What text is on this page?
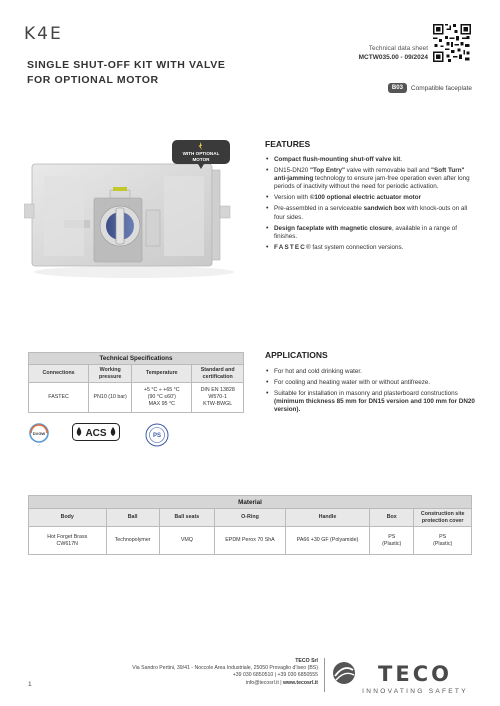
K4E
SINGLE SHUT-OFF KIT WITH VALVE
FOR OPTIONAL MOTOR
Technical data sheet
MCTW035.00 - 09/2024
B03	Compatible faceplate
WITH OPTIONAL
MOTOR
FEATURES
• Compact flush-mounting shut-off valve kit.
• DN15-DN20 "Top Entry" valve with removable ball and "Soft Turn" anti-jamming technology to ensure jam-free operation even after long periods of inactivity without the need for periodic activation.
• Version with ©100 optional electric actuator motor
• Pre-assembled in a serviceable sandwich box with knock-outs on all four sides.
• Design faceplate with magnetic closure, available in a range of finishes.
• FASTEC® fast system connection versions.
Technical Specifications			
Connections	Working pressure	Temperature	Standard and certification
FASTEC	PN10 (10 bar)	+5 °C ÷ +65 °C
(90 °C ≤60')
MAX 95 °C	DIN EN 13828
W570-1
KTW-BWGL
APPLICATIONS
• For hot and cold drinking water.
• For cooling and heating water with or without antifreeze.
• Suitable for installation in masonry and plasterboard constructions (minimum thickness 85 mm for DN15 version and 100 mm for DN20 version).
DVGW
✓
ACS	PS
Material						
Body	Ball	Ball seats	O-Ring	Handle	Box	Construction site protection cover
Hot Forget Brass
CW617N	Technopolymer	VMQ	EPDM Perox 70 ShA	PA66 +30 GF (Polyamide)	PS
(Plastic)	PS
(Plastic)
1
TECO Srl
Via Sandro Pertini, 39/41 - Noccole Area Industriale, 25050 Provaglio d'Iseo (BS)
+39 030 6850510 | +39 030 6850555
info@tecosrl.it | www.tecosrl.it	TECO
INNOVATING SAFETY
